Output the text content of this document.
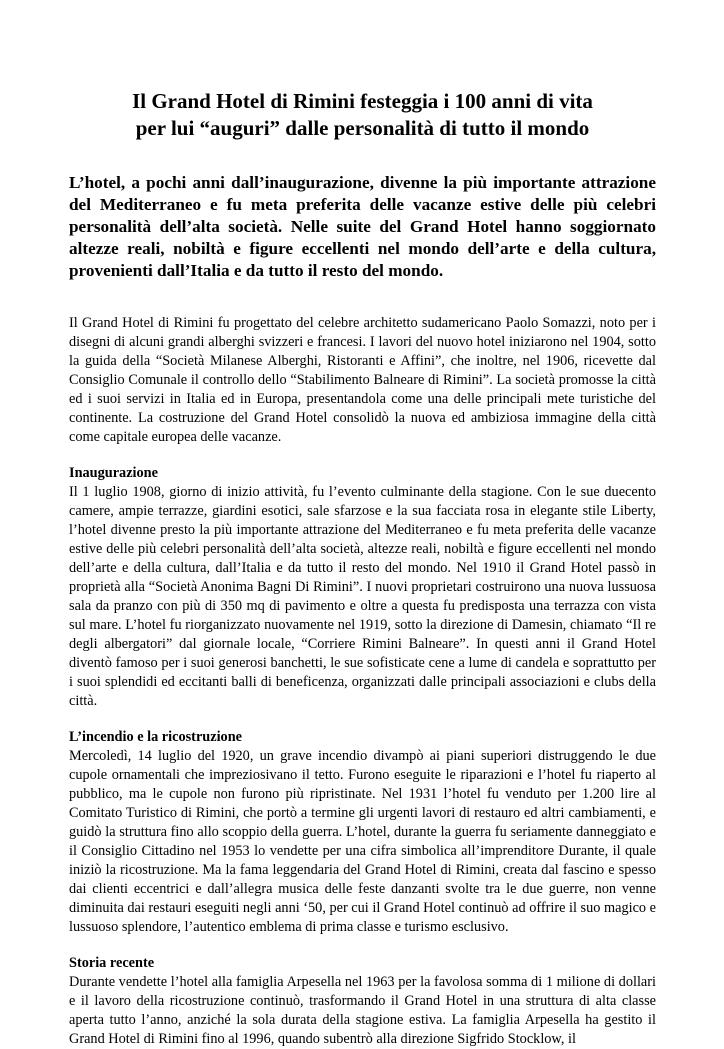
Il Grand Hotel di Rimini festeggia i 100 anni di vita
per lui “auguri” dalle personalità di tutto il mondo

L’hotel, a pochi anni dall’inaugurazione, divenne la più importante attrazione del Mediterraneo e fu meta preferita delle vacanze estive delle più celebri personalità dell’alta società. Nelle suite del Grand Hotel hanno soggiornato altezze reali, nobiltà e figure eccellenti nel mondo dell’arte e della cultura, provenienti dall’Italia e da tutto il resto del mondo.

Il Grand Hotel di Rimini fu progettato del celebre architetto sudamericano Paolo Somazzi, noto per i disegni di alcuni grandi alberghi svizzeri e francesi. I lavori del nuovo hotel iniziarono nel 1904, sotto la guida della “Società Milanese Alberghi, Ristoranti e Affini”, che inoltre, nel 1906, ricevette dal Consiglio Comunale il controllo dello “Stabilimento Balneare di Rimini”. La società promosse la città ed i suoi servizi in Italia ed in Europa, presentandola come una delle principali mete turistiche del continente. La costruzione del Grand Hotel consolidò la nuova ed ambiziosa immagine della città come capitale europea delle vacanze.

Inaugurazione

Il 1 luglio 1908, giorno di inizio attività, fu l’evento culminante della stagione. Con le sue duecento camere, ampie terrazze, giardini esotici, sale sfarzose e la sua facciata rosa in elegante stile Liberty, l’hotel divenne presto la più importante attrazione del Mediterraneo e fu meta preferita delle vacanze estive delle più celebri personalità dell’alta società, altezze reali, nobiltà e figure eccellenti nel mondo dell’arte e della cultura, dall’Italia e da tutto il resto del mondo. Nel 1910 il Grand Hotel passò in proprietà alla “Società Anonima Bagni Di Rimini”. I nuovi proprietari costruirono una nuova lussuosa sala da pranzo con più di 350 mq di pavimento e oltre a questa fu predisposta una terrazza con vista sul mare. L’hotel fu riorganizzato nuovamente nel 1919, sotto la direzione di Damesin, chiamato “Il re degli albergatori” dal giornale locale, “Corriere Rimini Balneare”. In questi anni il Grand Hotel diventò famoso per i suoi generosi banchetti, le sue sofisticate cene a lume di candela e soprattutto per i suoi splendidi ed eccitanti balli di beneficenza, organizzati dalle principali associazioni e clubs della città.

L’incendio e la ricostruzione

Mercoledì, 14 luglio del 1920, un grave incendio divampò ai piani superiori distruggendo le due cupole ornamentali che impreziosivano il tetto. Furono eseguite le riparazioni e l’hotel fu riaperto al pubblico, ma le cupole non furono più ripristinate. Nel 1931 l’hotel fu venduto per 1.200 lire al Comitato Turistico di Rimini, che portò a termine gli urgenti lavori di restauro ed altri cambiamenti, e guidò la struttura fino allo scoppio della guerra. L’hotel, durante la guerra fu seriamente danneggiato e il Consiglio Cittadino nel 1953 lo vendette per una cifra simbolica all’imprenditore Durante, il quale iniziò la ricostruzione. Ma la fama leggendaria del Grand Hotel di Rimini, creata dal fascino e spesso dai clienti eccentrici e dall’allegra musica delle feste danzanti svolte tra le due guerre, non venne diminuita dai restauri eseguiti negli anni ‘50, per cui il Grand Hotel continuò ad offrire il suo magico e lussuoso splendore, l’autentico emblema di prima classe e turismo esclusivo.

Storia recente

Durante vendette l’hotel alla famiglia Arpesella nel 1963 per la favolosa somma di 1 milione di dollari e il lavoro della ricostruzione continuò, trasformando il Grand Hotel in una struttura di alta classe aperta tutto l’anno, anziché la sola durata della stagione estiva. La famiglia Arpesella ha gestito il Grand Hotel di Rimini fino al 1996, quando subentrò alla direzione Sigfrido Stocklow, il
